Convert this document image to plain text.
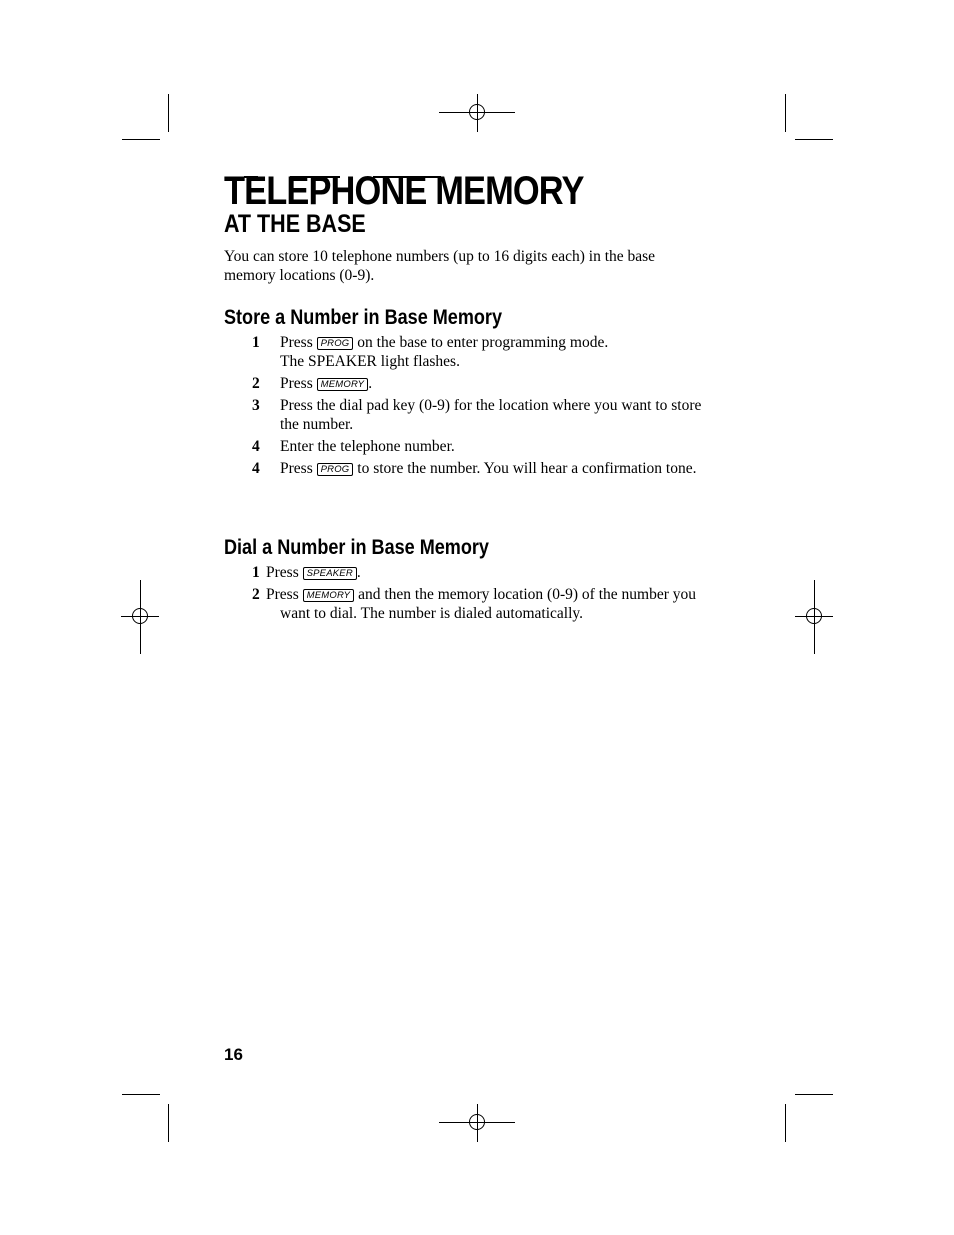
TELEPHONE MEMORY
AT THE BASE

You can store 10 telephone numbers (up to 16 digits each) in the base memory locations (0-9).

Store a Number in Base Memory
1 Press PROG on the base to enter programming mode.
The SPEAKER light flashes.
2 Press MEMORY .
3 Press the dial pad key (0-9) for the location where you want to store the number.
4 Enter the telephone number.
4 Press PROG to store the number. You will hear a confirmation tone.
Dial a Number in Base Memory
1 Press SPEAKER .
2 Press MEMORY and then the memory location (0-9) of the number you want to dial. The number is dialed automatically.

16
